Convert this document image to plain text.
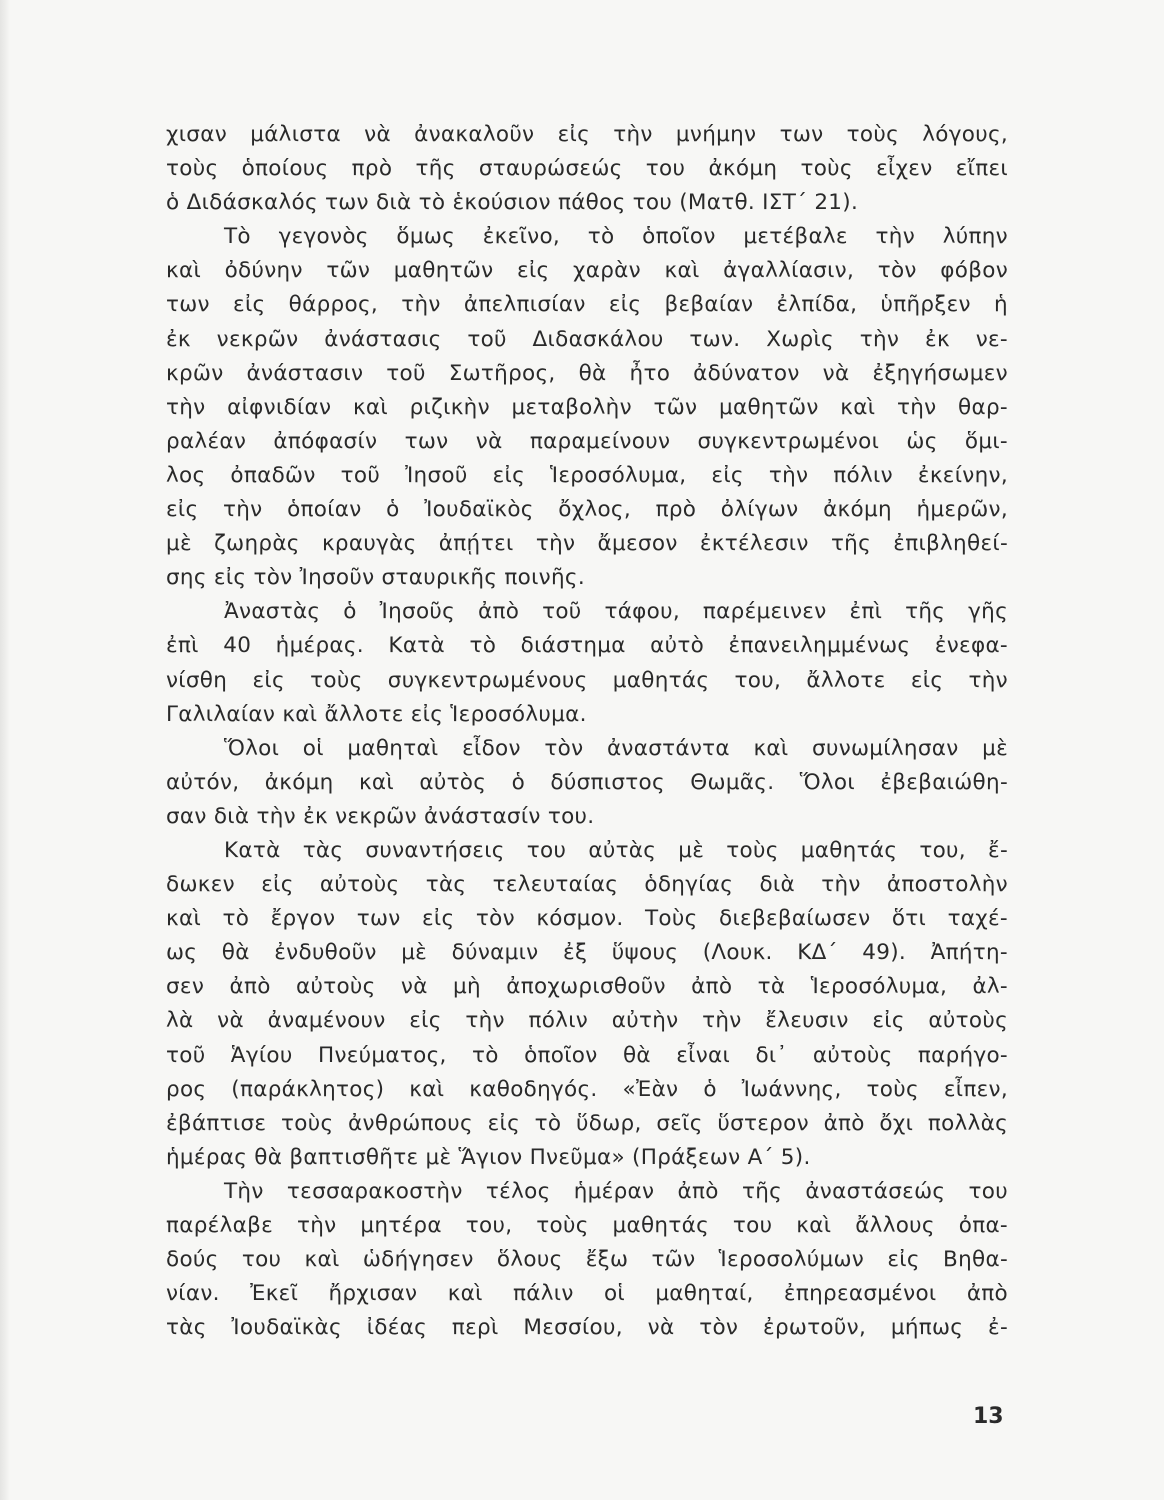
χισαν μάλιστα νὰ ἀνακαλοῦν εἰς τὴν μνήμην των τοὺς λόγους,
τοὺς ὁποίους πρὸ τῆς σταυρώσεώς του ἀκόμη τοὺς εἶχεν εἴπει
ὁ Διδάσκαλός των διὰ τὸ ἑκούσιον πάθος του (Ματθ. ΙΣΤ΄ 21).
Τὸ γεγονὸς ὅμως ἐκεῖνο, τὸ ὁποῖον μετέβαλε τὴν λύπην
καὶ ὀδύνην τῶν μαθητῶν εἰς χαρὰν καὶ ἀγαλλίασιν, τὸν φόβον
των εἰς θάρρος, τὴν ἀπελπισίαν εἰς βεβαίαν ἐλπίδα, ὑπῆρξεν ἡ
ἐκ νεκρῶν ἀνάστασις τοῦ Διδασκάλου των. Χωρὶς τὴν ἐκ νε-
κρῶν ἀνάστασιν τοῦ Σωτῆρος, θὰ ἦτο ἀδύνατον νὰ ἐξηγήσωμεν
τὴν αἰφνιδίαν καὶ ριζικὴν μεταβολὴν τῶν μαθητῶν καὶ τὴν θαρ-
ραλέαν ἀπόφασίν των νὰ παραμείνουν συγκεντρωμένοι ὡς ὅμι-
λος ὀπαδῶν τοῦ Ἰησοῦ εἰς Ἱεροσόλυμα, εἰς τὴν πόλιν ἐκείνην,
εἰς τὴν ὁποίαν ὁ Ἰουδαϊκὸς ὄχλος, πρὸ ὀλίγων ἀκόμη ἡμερῶν,
μὲ ζωηρὰς κραυγὰς ἀπῄτει τὴν ἄμεσον ἐκτέλεσιν τῆς ἐπιβληθεί-
σης εἰς τὸν Ἰησοῦν σταυρικῆς ποινῆς.
Ἀναστὰς ὁ Ἰησοῦς ἀπὸ τοῦ τάφου, παρέμεινεν ἐπὶ τῆς γῆς
ἐπὶ 40 ἡμέρας. Κατὰ τὸ διάστημα αὐτὸ ἐπανειλημμένως ἐνεφα-
νίσθη εἰς τοὺς συγκεντρωμένους μαθητάς του, ἄλλοτε εἰς τὴν
Γαλιλαίαν καὶ ἄλλοτε εἰς Ἱεροσόλυμα.
Ὅλοι οἱ μαθηταὶ εἶδον τὸν ἀναστάντα καὶ συνωμίλησαν μὲ
αὐτόν, ἀκόμη καὶ αὐτὸς ὁ δύσπιστος Θωμᾶς. Ὅλοι ἐβεβαιώθη-
σαν διὰ τὴν ἐκ νεκρῶν ἀνάστασίν του.
Κατὰ τὰς συναντήσεις του αὐτὰς μὲ τοὺς μαθητάς του, ἔ-
δωκεν εἰς αὐτοὺς τὰς τελευταίας ὁδηγίας διὰ τὴν ἀποστολὴν
καὶ τὸ ἔργον των εἰς τὸν κόσμον. Τοὺς διεβεβαίωσεν ὅτι ταχέ-
ως θὰ ἐνδυθοῦν μὲ δύναμιν ἐξ ὕψους (Λουκ. ΚΔ΄ 49). Ἀπήτη-
σεν ἀπὸ αὐτοὺς νὰ μὴ ἀποχωρισθοῦν ἀπὸ τὰ Ἱεροσόλυμα, ἀλ-
λὰ νὰ ἀναμένουν εἰς τὴν πόλιν αὐτὴν τὴν ἔλευσιν εἰς αὐτοὺς
τοῦ Ἁγίου Πνεύματος, τὸ ὁποῖον θὰ εἶναι δι᾽ αὐτοὺς παρήγο-
ρος (παράκλητος) καὶ καθοδηγός. «Ἐὰν ὁ Ἰωάννης, τοὺς εἶπεν,
ἐβάπτισε τοὺς ἀνθρώπους εἰς τὸ ὕδωρ, σεῖς ὕστερον ἀπὸ ὄχι πολλὰς
ἡμέρας θὰ βαπτισθῆτε μὲ Ἅγιον Πνεῦμα» (Πράξεων Α΄ 5).
Τὴν τεσσαρακοστὴν τέλος ἡμέραν ἀπὸ τῆς ἀναστάσεώς του
παρέλαβε τὴν μητέρα του, τοὺς μαθητάς του καὶ ἄλλους ὀπα-
δούς του καὶ ὡδήγησεν ὅλους ἔξω τῶν Ἱεροσολύμων εἰς Βηθα-
νίαν. Ἐκεῖ ἤρχισαν καὶ πάλιν οἱ μαθηταί, ἐπηρεασμένοι ἀπὸ
τὰς Ἰουδαϊκὰς ἰδέας περὶ Μεσσίου, νὰ τὸν ἐρωτοῦν, μήπως ἐ-
13
